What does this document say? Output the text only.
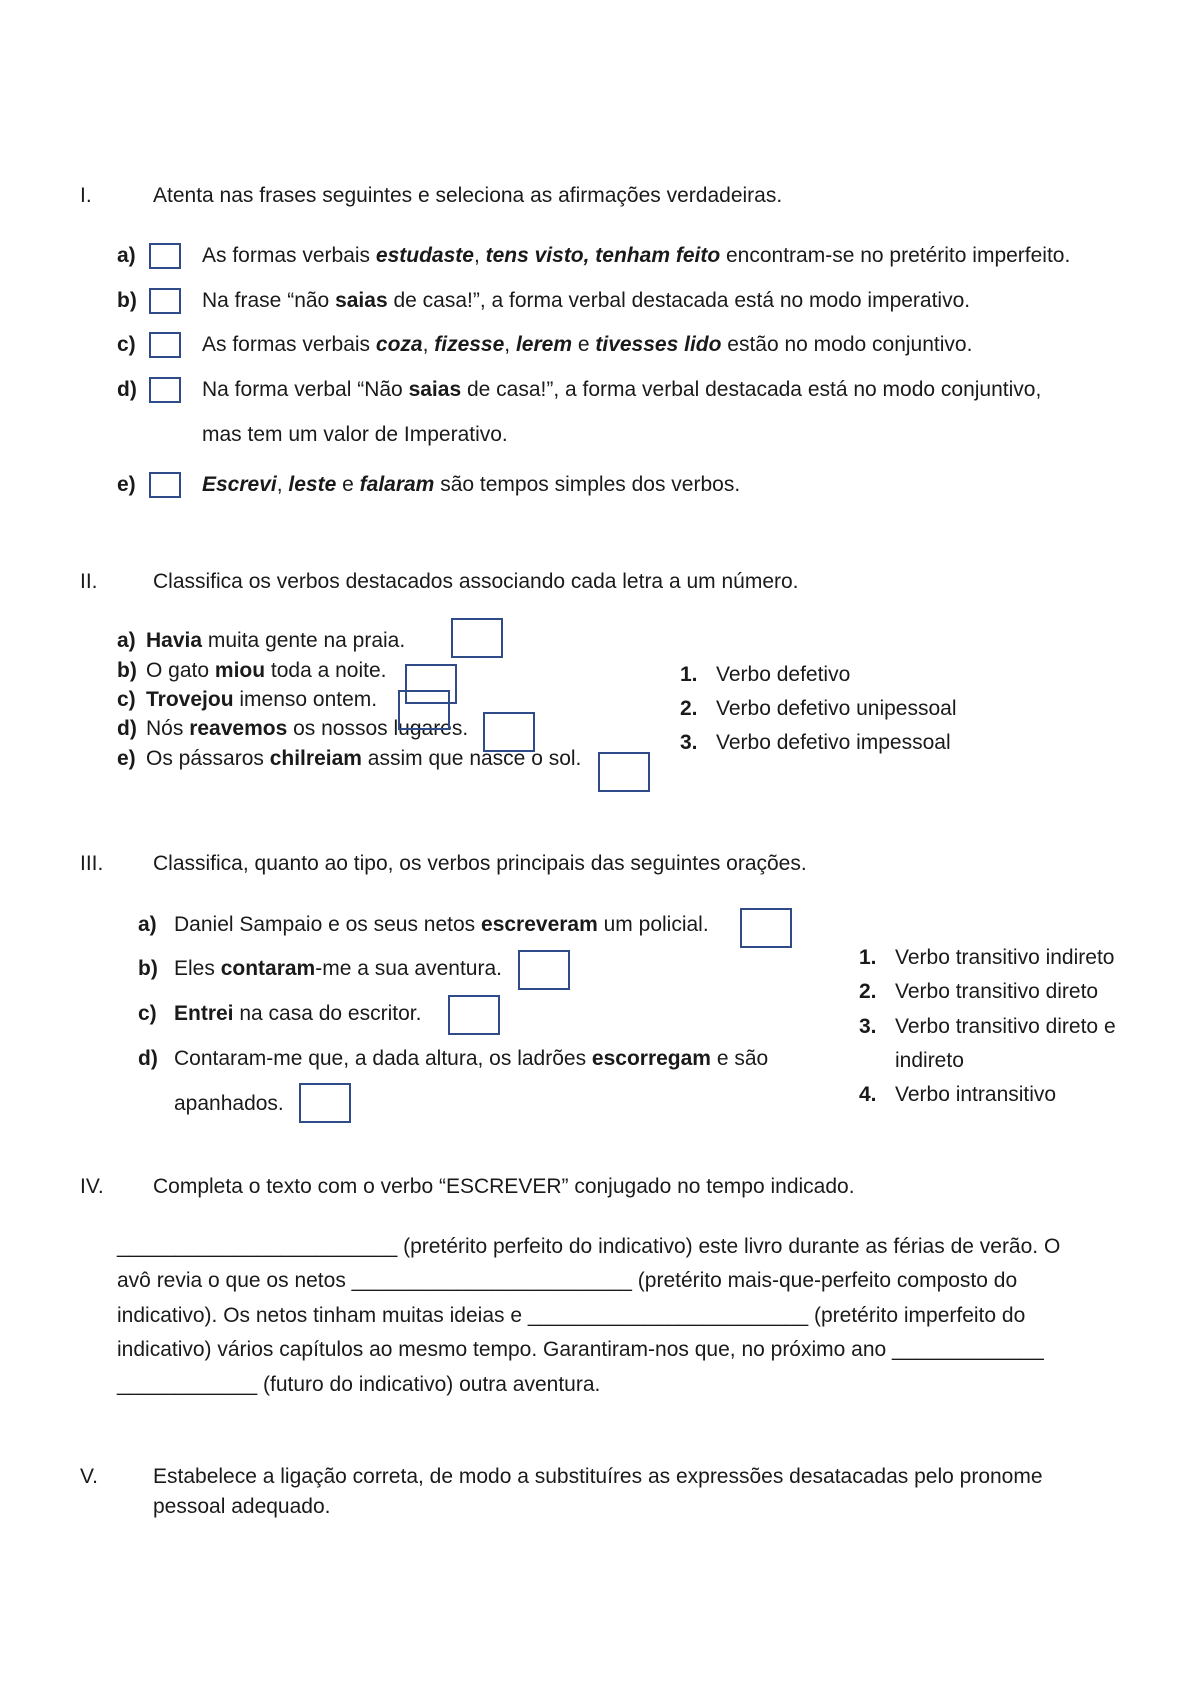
I.	Atenta nas frases seguintes e seleciona as afirmações verdadeiras.
a)	As formas verbais estudaste, tens visto, tenham feito encontram-se no pretérito imperfeito.
b)	Na frase “não saias de casa!”, a forma verbal destacada está no modo imperativo.
c)	As formas verbais coza, fizesse, lerem e tivesses lido estão no modo conjuntivo.
d)	Na forma verbal “Não saias de casa!”, a forma verbal destacada está no modo conjuntivo,
mas tem um valor de Imperativo.
e)	Escrevi, leste e falaram são tempos simples dos verbos.
II.	Classifica os verbos destacados associando cada letra a um número.
a) Havia muita gente na praia.
b) O gato miou toda a noite.
c) Trovejou imenso ontem.
d) Nós reavemos os nossos lugares.
e) Os pássaros chilreiam assim que nasce o sol.
1. Verbo defetivo
2. Verbo defetivo unipessoal
3. Verbo defetivo impessoal
III. Classifica, quanto ao tipo, os verbos principais das seguintes orações.
a) Daniel Sampaio e os seus netos escreveram um policial.
b) Eles contaram-me a sua aventura.
c) Entrei na casa do escritor.
d) Contaram-me que, a dada altura, os ladrões escorregam e são
apanhados.
1. Verbo transitivo indireto
2. Verbo transitivo direto
3. Verbo transitivo direto e
indireto
4. Verbo intransitivo
IV. Completa o texto com o verbo “ESCREVER” conjugado no tempo indicado.
________________________ (pretérito perfeito do indicativo) este livro durante as férias de verão. O
avô revia o que os netos ________________________ (pretérito mais-que-perfeito composto do
indicativo). Os netos tinham muitas ideias e ________________________ (pretérito imperfeito do
indicativo) vários capítulos ao mesmo tempo. Garantiram-nos que, no próximo ano _____________
____________ (futuro do indicativo) outra aventura.
V.	Estabelece a ligação correta, de modo a substituíres as expressões desatacadas pelo pronome
pessoal adequado.
